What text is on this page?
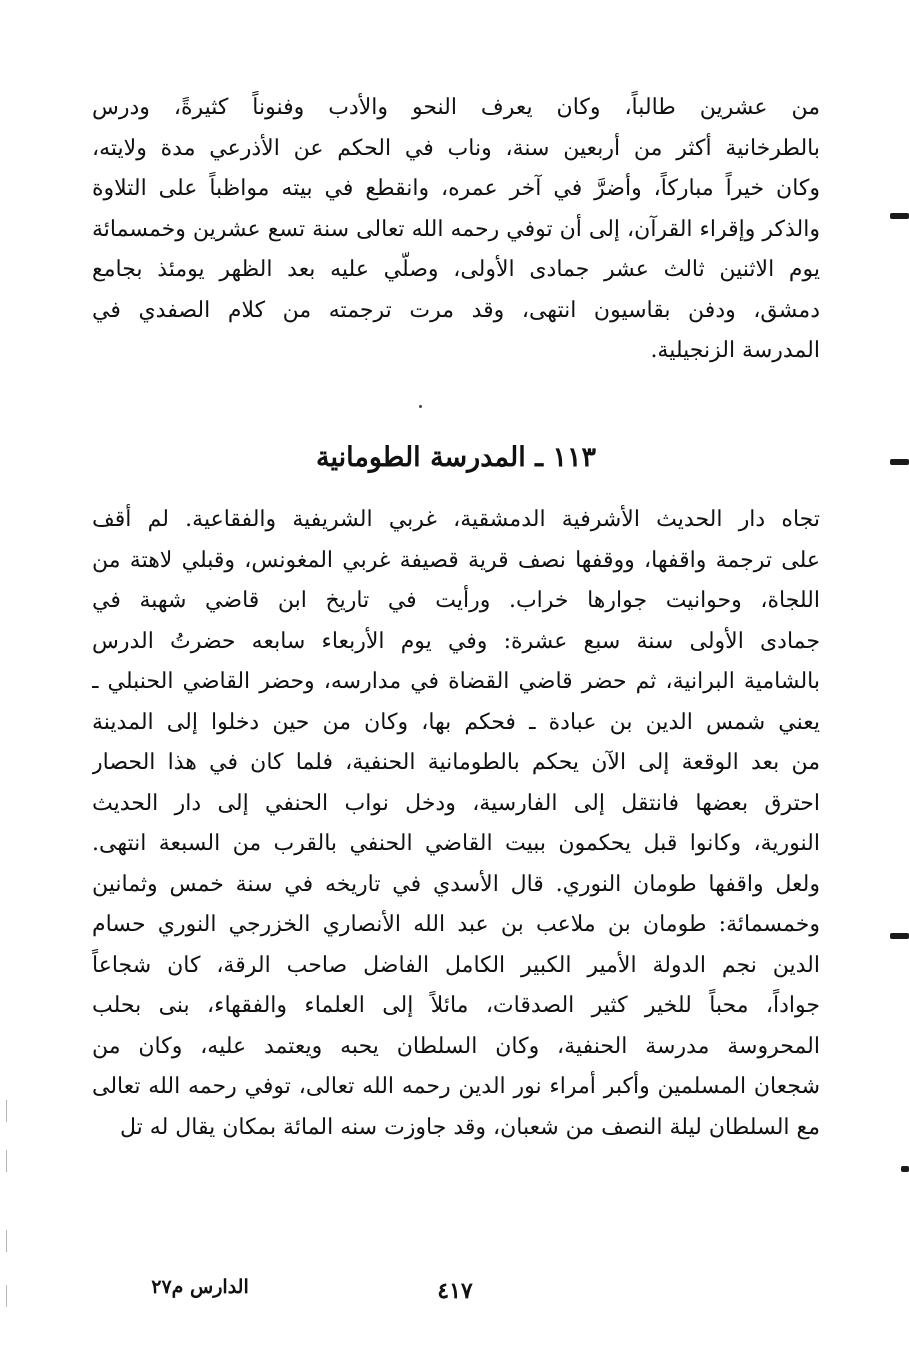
من عشرين طالباً، وكان يعرف النحو والأدب وفنوناً كثيرةً، ودرس
بالطرخانية أكثر من أربعين سنة، وناب في الحكم عن الأذرعي مدة ولايته،
وكان خيراً مباركاً، وأضرَّ في آخر عمره، وانقطع في بيته مواظباً على التلاوة
والذكر وإقراء القرآن، إلى أن توفي رحمه الله تعالى سنة تسع عشرين وخمسمائة
يوم الاثنين ثالث عشر جمادى الأولى، وصلّي عليه بعد الظهر يومئذ بجامع
دمشق، ودفن بقاسيون انتهى، وقد مرت ترجمته من كلام الصفدي في
المدرسة الزنجيلية.
١١٣ ـ المدرسة الطومانية
تجاه دار الحديث الأشرفية الدمشقية، غربي الشريفية والفقاعية. لم أقف
على ترجمة واقفها، ووقفها نصف قرية قصيفة غربي المغونس، وقبلي لاهتة من
اللجاة، وحوانيت جوارها خراب. ورأيت في تاريخ ابن قاضي شهبة في
جمادى الأولى سنة سبع عشرة: وفي يوم الأربعاء سابعه حضرتُ الدرس
بالشامية البرانية، ثم حضر قاضي القضاة في مدارسه، وحضر القاضي الحنبلي ـ
يعني شمس الدين بن عبادة ـ فحكم بها، وكان من حين دخلوا إلى المدينة
من بعد الوقعة إلى الآن يحكم بالطومانية الحنفية، فلما كان في هذا الحصار
احترق بعضها فانتقل إلى الفارسية، ودخل نواب الحنفي إلى دار الحديث
النورية، وكانوا قبل يحكمون ببيت القاضي الحنفي بالقرب من السبعة انتهى.
ولعل واقفها طومان النوري. قال الأسدي في تاريخه في سنة خمس وثمانين
وخمسمائة: طومان بن ملاعب بن عبد الله الأنصاري الخزرجي النوري حسام
الدين نجم الدولة الأمير الكبير الكامل الفاضل صاحب الرقة، كان شجاعاً
جواداً، محباً للخير كثير الصدقات، مائلاً إلى العلماء والفقهاء، بنى بحلب
المحروسة مدرسة الحنفية، وكان السلطان يحبه ويعتمد عليه، وكان من
شجعان المسلمين وأكبر أمراء نور الدين رحمه الله تعالى، توفي رحمه الله تعالى
مع السلطان ليلة النصف من شعبان، وقد جاوزت سنه المائة بمكان يقال له تل
٤١٧
الدارس م٢٧
